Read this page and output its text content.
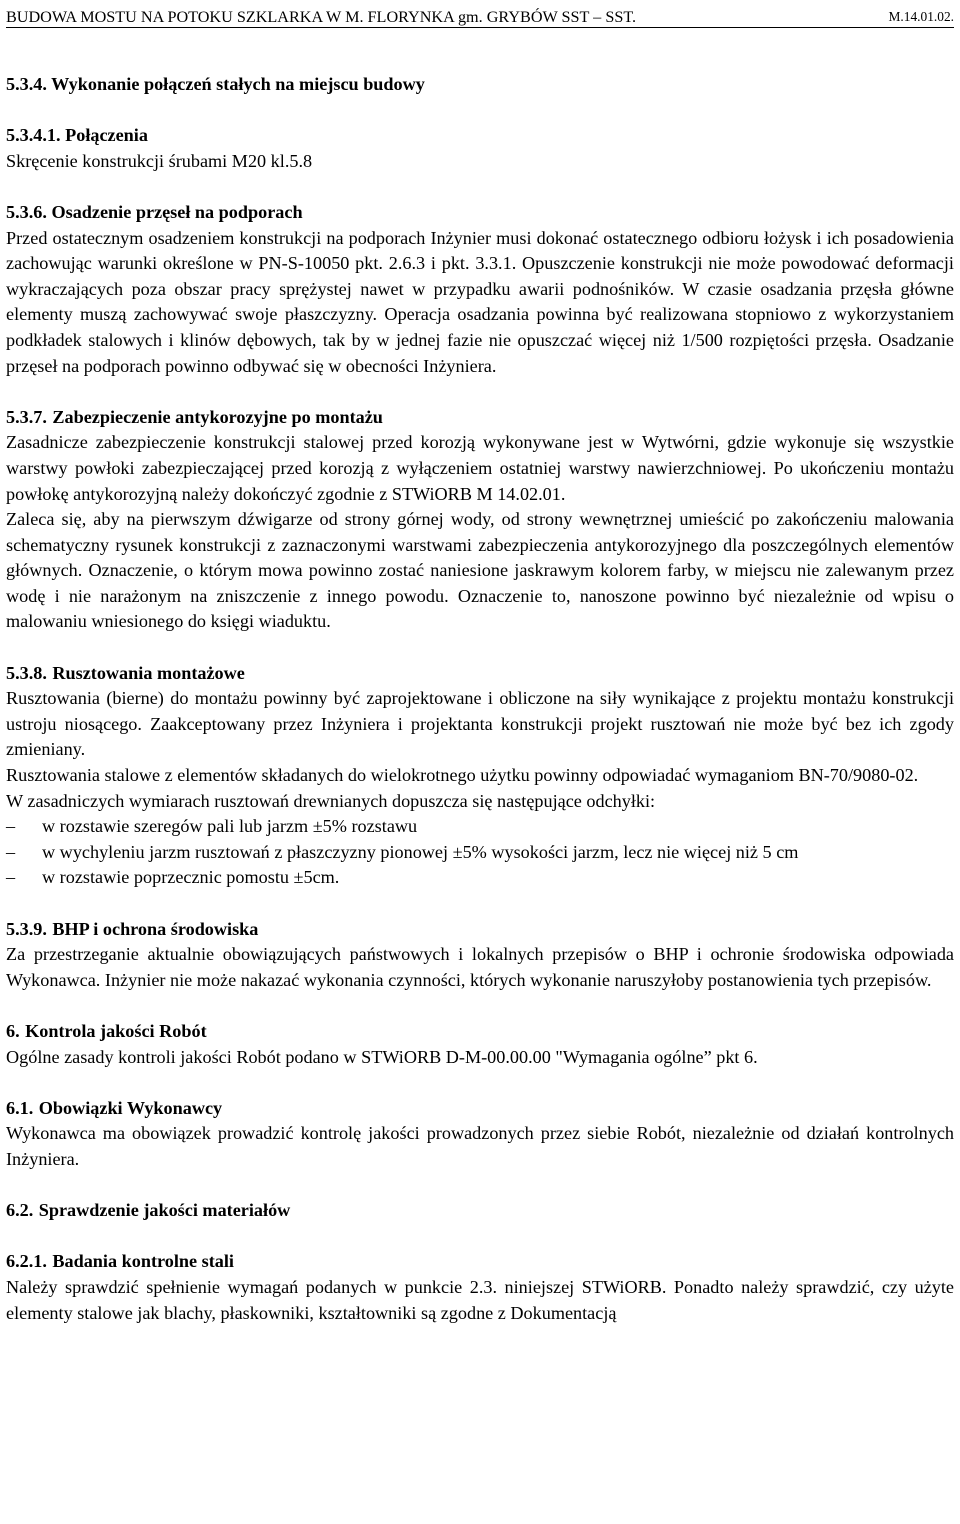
BUDOWA MOSTU NA POTOKU SZKLARKA W M. FLORYNKA gm. GRYBÓW SST – SST.	M.14.01.02.

5.3.4. Wykonanie połączeń stałych na miejscu budowy

5.3.4.1. Połączenia

Skręcenie konstrukcji śrubami M20 kl.5.8

5.3.6. Osadzenie przęseł na podporach

Przed ostatecznym osadzeniem konstrukcji na podporach Inżynier musi dokonać ostatecznego odbioru łożysk i ich posadowienia zachowując warunki określone w PN-S-10050 pkt. 2.6.3 i pkt. 3.3.1. Opuszczenie konstrukcji nie może powodować deformacji wykraczających poza obszar pracy sprężystej nawet w przypadku awarii podnośników. W czasie osadzania przęsła główne elementy muszą zachowywać swoje płaszczyzny. Operacja osadzania powinna być realizowana stopniowo z wykorzystaniem podkładek stalowych i klinów dębowych, tak by w jednej fazie nie opuszczać więcej niż 1/500 rozpiętości przęsła. Osadzanie przęseł na podporach powinno odbywać się w obecności Inżyniera.

5.3.7. Zabezpieczenie antykorozyjne po montażu

Zasadnicze zabezpieczenie konstrukcji stalowej przed korozją wykonywane jest w Wytwórni, gdzie wykonuje się wszystkie warstwy powłoki zabezpieczającej przed korozją z wyłączeniem ostatniej warstwy nawierzchniowej. Po ukończeniu montażu powłokę antykorozyjną należy dokończyć zgodnie z STWiORB M 14.02.01.

Zaleca się, aby na pierwszym dźwigarze od strony górnej wody, od strony wewnętrznej umieścić po zakończeniu malowania schematyczny rysunek konstrukcji z zaznaczonymi warstwami zabezpieczenia antykorozyjnego dla poszczególnych elementów głównych. Oznaczenie, o którym mowa powinno zostać naniesione jaskrawym kolorem farby, w miejscu nie zalewanym przez wodę i nie narażonym na zniszczenie z innego powodu. Oznaczenie to, nanoszone powinno być niezależnie od wpisu o malowaniu wniesionego do księgi wiaduktu.

5.3.8. Rusztowania montażowe

Rusztowania (bierne) do montażu powinny być zaprojektowane i obliczone na siły wynikające z projektu montażu konstrukcji ustroju niosącego. Zaakceptowany przez Inżyniera i projektanta konstrukcji projekt rusztowań nie może być bez ich zgody zmieniany.

Rusztowania stalowe z elementów składanych do wielokrotnego użytku powinny odpowiadać wymaganiom BN-70/9080-02.

W zasadniczych wymiarach rusztowań drewnianych dopuszcza się następujące odchyłki:

– w rozstawie szeregów pali lub jarzm ±5% rozstawu
– w wychyleniu jarzm rusztowań z płaszczyzny pionowej ±5% wysokości jarzm, lecz nie więcej niż 5 cm
– w rozstawie poprzecznic pomostu ±5cm.

5.3.9. BHP i ochrona środowiska

Za przestrzeganie aktualnie obowiązujących państwowych i lokalnych przepisów o BHP i ochronie środowiska odpowiada Wykonawca. Inżynier nie może nakazać wykonania czynności, których wykonanie naruszyłoby postanowienia tych przepisów.

6. Kontrola jakości Robót

Ogólne zasady kontroli jakości Robót podano w STWiORB D-M-00.00.00 "Wymagania ogólne” pkt 6.

6.1. Obowiązki Wykonawcy

Wykonawca ma obowiązek prowadzić kontrolę jakości prowadzonych przez siebie Robót, niezależnie od działań kontrolnych Inżyniera.

6.2. Sprawdzenie jakości materiałów

6.2.1. Badania kontrolne stali

Należy sprawdzić spełnienie wymagań podanych w punkcie 2.3. niniejszej STWiORB. Ponadto należy sprawdzić, czy użyte elementy stalowe jak blachy, płaskowniki, kształtowniki są zgodne z Dokumentacją
